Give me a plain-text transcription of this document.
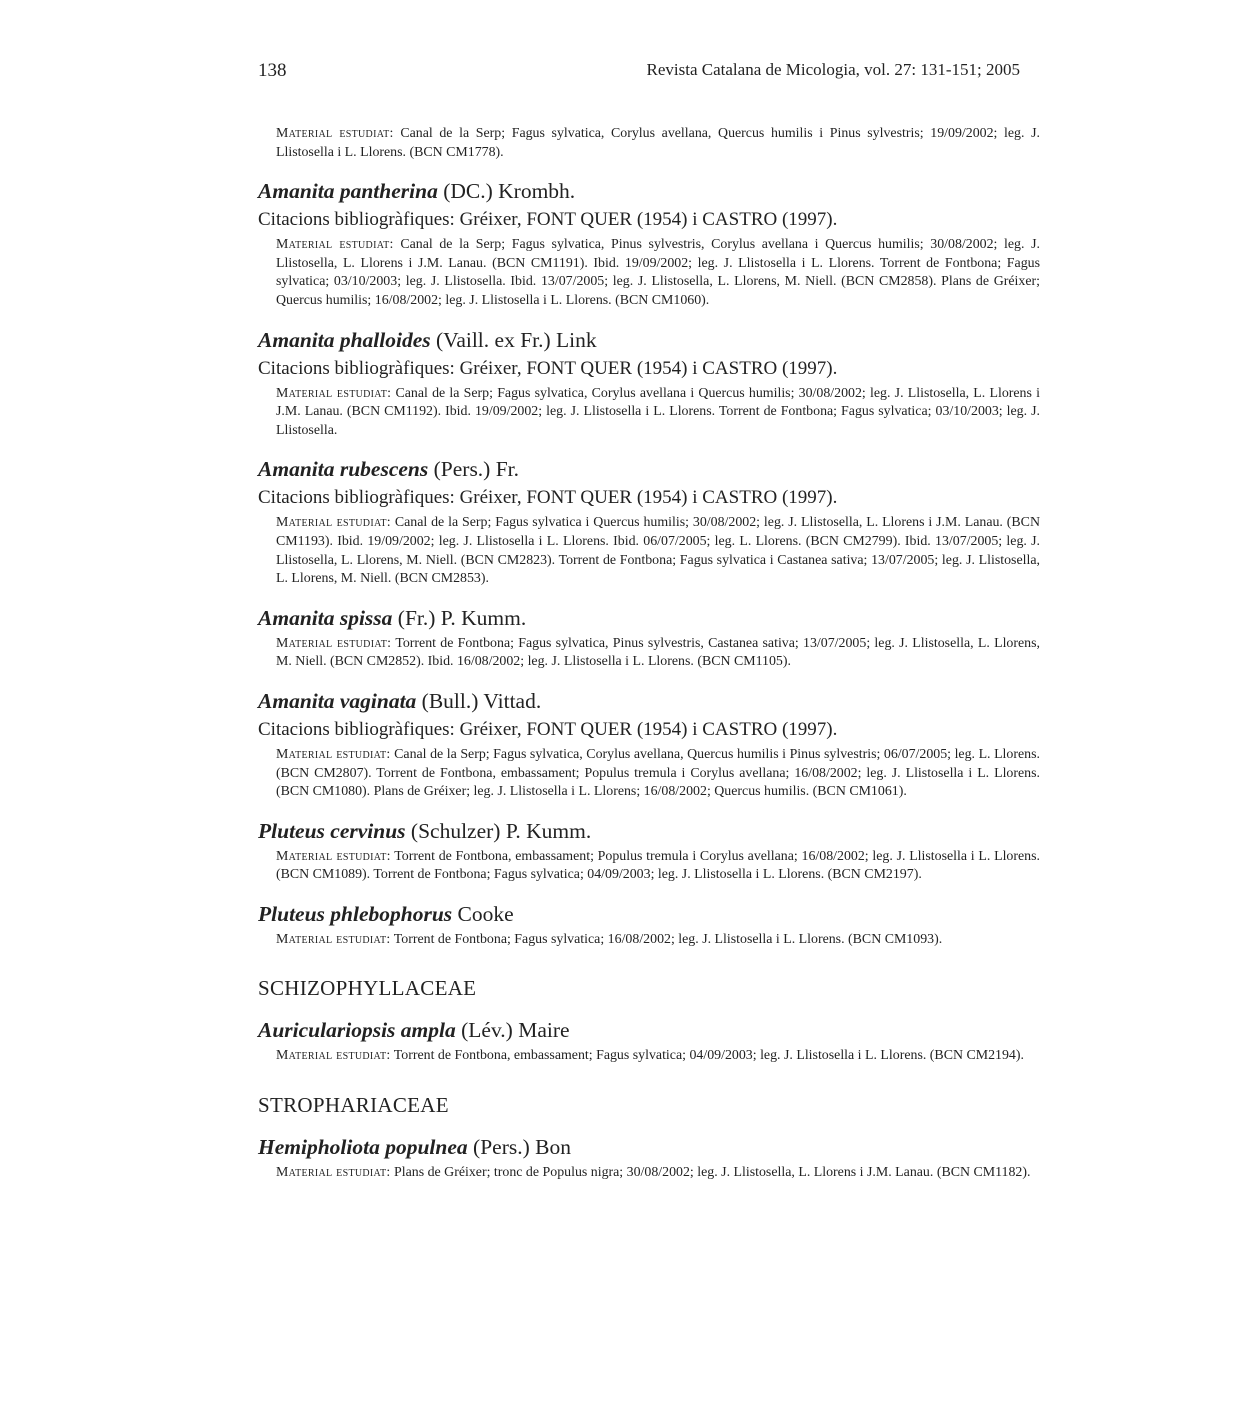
138	Revista Catalana de Micologia, vol. 27: 131-151; 2005

Material estudiat: Canal de la Serp; Fagus sylvatica, Corylus avellana, Quercus humilis i Pinus sylvestris; 19/09/2002; leg. J. Llistosella i L. Llorens. (BCN CM1778).

Amanita pantherina (DC.) Krombh.
Citacions bibliogràfiques: Gréixer, FONT QUER (1954) i CASTRO (1997).

Material estudiat: Canal de la Serp; Fagus sylvatica, Pinus sylvestris, Corylus avellana i Quercus humilis; 30/08/2002; leg. J. Llistosella, L. Llorens i J.M. Lanau. (BCN CM1191). Ibid. 19/09/2002; leg. J. Llistosella i L. Llorens. Torrent de Fontbona; Fagus sylvatica; 03/10/2003; leg. J. Llistosella. Ibid. 13/07/2005; leg. J. Llistosella, L. Llorens, M. Niell. (BCN CM2858). Plans de Gréixer; Quercus humilis; 16/08/2002; leg. J. Llistosella i L. Llorens. (BCN CM1060).

Amanita phalloides (Vaill. ex Fr.) Link
Citacions bibliogràfiques: Gréixer, FONT QUER (1954) i CASTRO (1997).

Material estudiat: Canal de la Serp; Fagus sylvatica, Corylus avellana i Quercus humilis; 30/08/2002; leg. J. Llistosella, L. Llorens i J.M. Lanau. (BCN CM1192). Ibid. 19/09/2002; leg. J. Llistosella i L. Llorens. Torrent de Fontbona; Fagus sylvatica; 03/10/2003; leg. J. Llistosella.

Amanita rubescens (Pers.) Fr.
Citacions bibliogràfiques: Gréixer, FONT QUER (1954) i CASTRO (1997).

Material estudiat: Canal de la Serp; Fagus sylvatica i Quercus humilis; 30/08/2002; leg. J. Llistosella, L. Llorens i J.M. Lanau. (BCN CM1193). Ibid. 19/09/2002; leg. J. Llistosella i L. Llorens. Ibid. 06/07/2005; leg. L. Llorens. (BCN CM2799). Ibid. 13/07/2005; leg. J. Llistosella, L. Llorens, M. Niell. (BCN CM2823). Torrent de Fontbona; Fagus sylvatica i Castanea sativa; 13/07/2005; leg. J. Llistosella, L. Llorens, M. Niell. (BCN CM2853).

Amanita spissa (Fr.) P. Kumm.

Material estudiat: Torrent de Fontbona; Fagus sylvatica, Pinus sylvestris, Castanea sativa; 13/07/2005; leg. J. Llistosella, L. Llorens, M. Niell. (BCN CM2852). Ibid. 16/08/2002; leg. J. Llistosella i L. Llorens. (BCN CM1105).

Amanita vaginata (Bull.) Vittad.
Citacions bibliogràfiques: Gréixer, FONT QUER (1954) i CASTRO (1997).

Material estudiat: Canal de la Serp; Fagus sylvatica, Corylus avellana, Quercus humilis i Pinus sylvestris; 06/07/2005; leg. L. Llorens. (BCN CM2807). Torrent de Fontbona, embassament; Populus tremula i Corylus avellana; 16/08/2002; leg. J. Llistosella i L. Llorens. (BCN CM1080). Plans de Gréixer; leg. J. Llistosella i L. Llorens; 16/08/2002; Quercus humilis. (BCN CM1061).

Pluteus cervinus (Schulzer) P. Kumm.

Material estudiat: Torrent de Fontbona, embassament; Populus tremula i Corylus avellana; 16/08/2002; leg. J. Llistosella i L. Llorens. (BCN CM1089). Torrent de Fontbona; Fagus sylvatica; 04/09/2003; leg. J. Llistosella i L. Llorens. (BCN CM2197).

Pluteus phlebophorus Cooke

Material estudiat: Torrent de Fontbona; Fagus sylvatica; 16/08/2002; leg. J. Llistosella i L. Llorens. (BCN CM1093).

SCHIZOPHYLLACEAE
Auriculariopsis ampla (Lév.) Maire

Material estudiat: Torrent de Fontbona, embassament; Fagus sylvatica; 04/09/2003; leg. J. Llistosella i L. Llorens. (BCN CM2194).

STROPHARIACEAE
Hemipholiota populnea (Pers.) Bon

Material estudiat: Plans de Gréixer; tronc de Populus nigra; 30/08/2002; leg. J. Llistosella, L. Llorens i J.M. Lanau. (BCN CM1182).
